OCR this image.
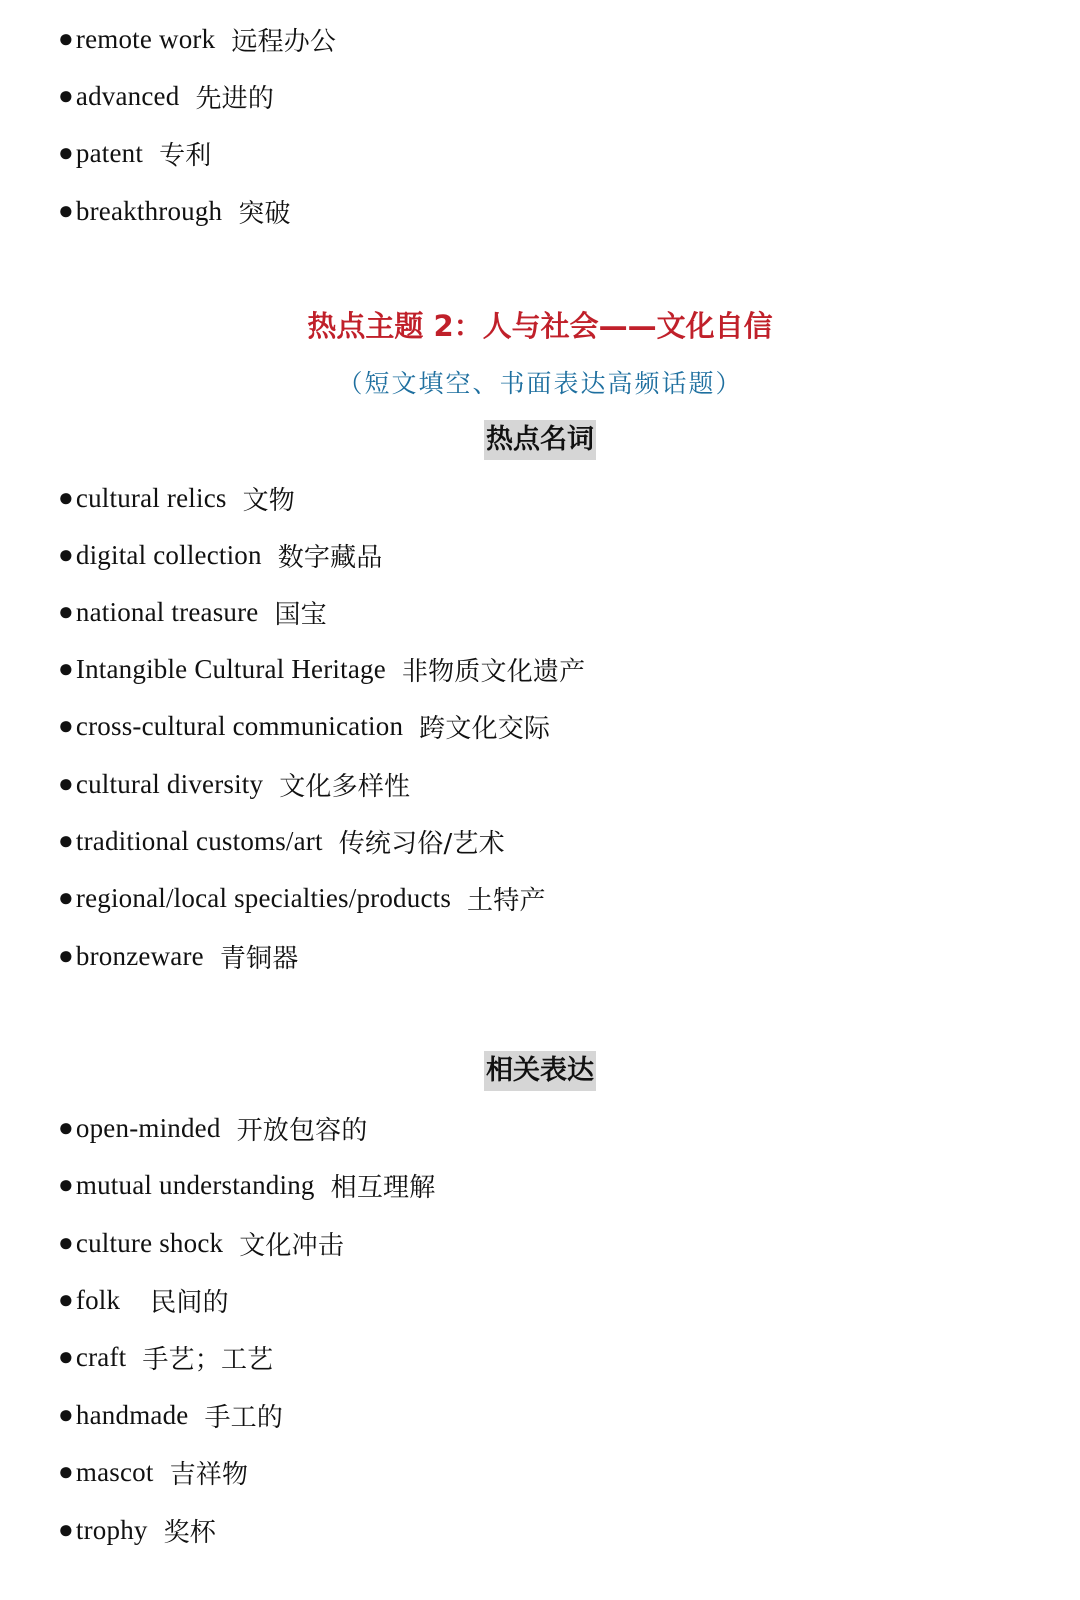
● remote work 远程办公
● advanced 先进的
● patent 专利
● breakthrough 突破
热点主题 2：人与社会——文化自信
（短文填空、书面表达高频话题）
热点名词
● cultural relics 文物
● digital collection 数字藏品
● national treasure 国宝
● Intangible Cultural Heritage 非物质文化遗产
● cross-cultural communication 跨文化交际
● cultural diversity 文化多样性
● traditional customs/art 传统习俗/艺术
● regional/local specialties/products 土特产
● bronzeware 青铜器
相关表达
● open-minded 开放包容的
● mutual understanding 相互理解
● culture shock 文化冲击
● folk 民间的
● craft 手艺；工艺
● handmade 手工的
● mascot 吉祥物
● trophy 奖杯
